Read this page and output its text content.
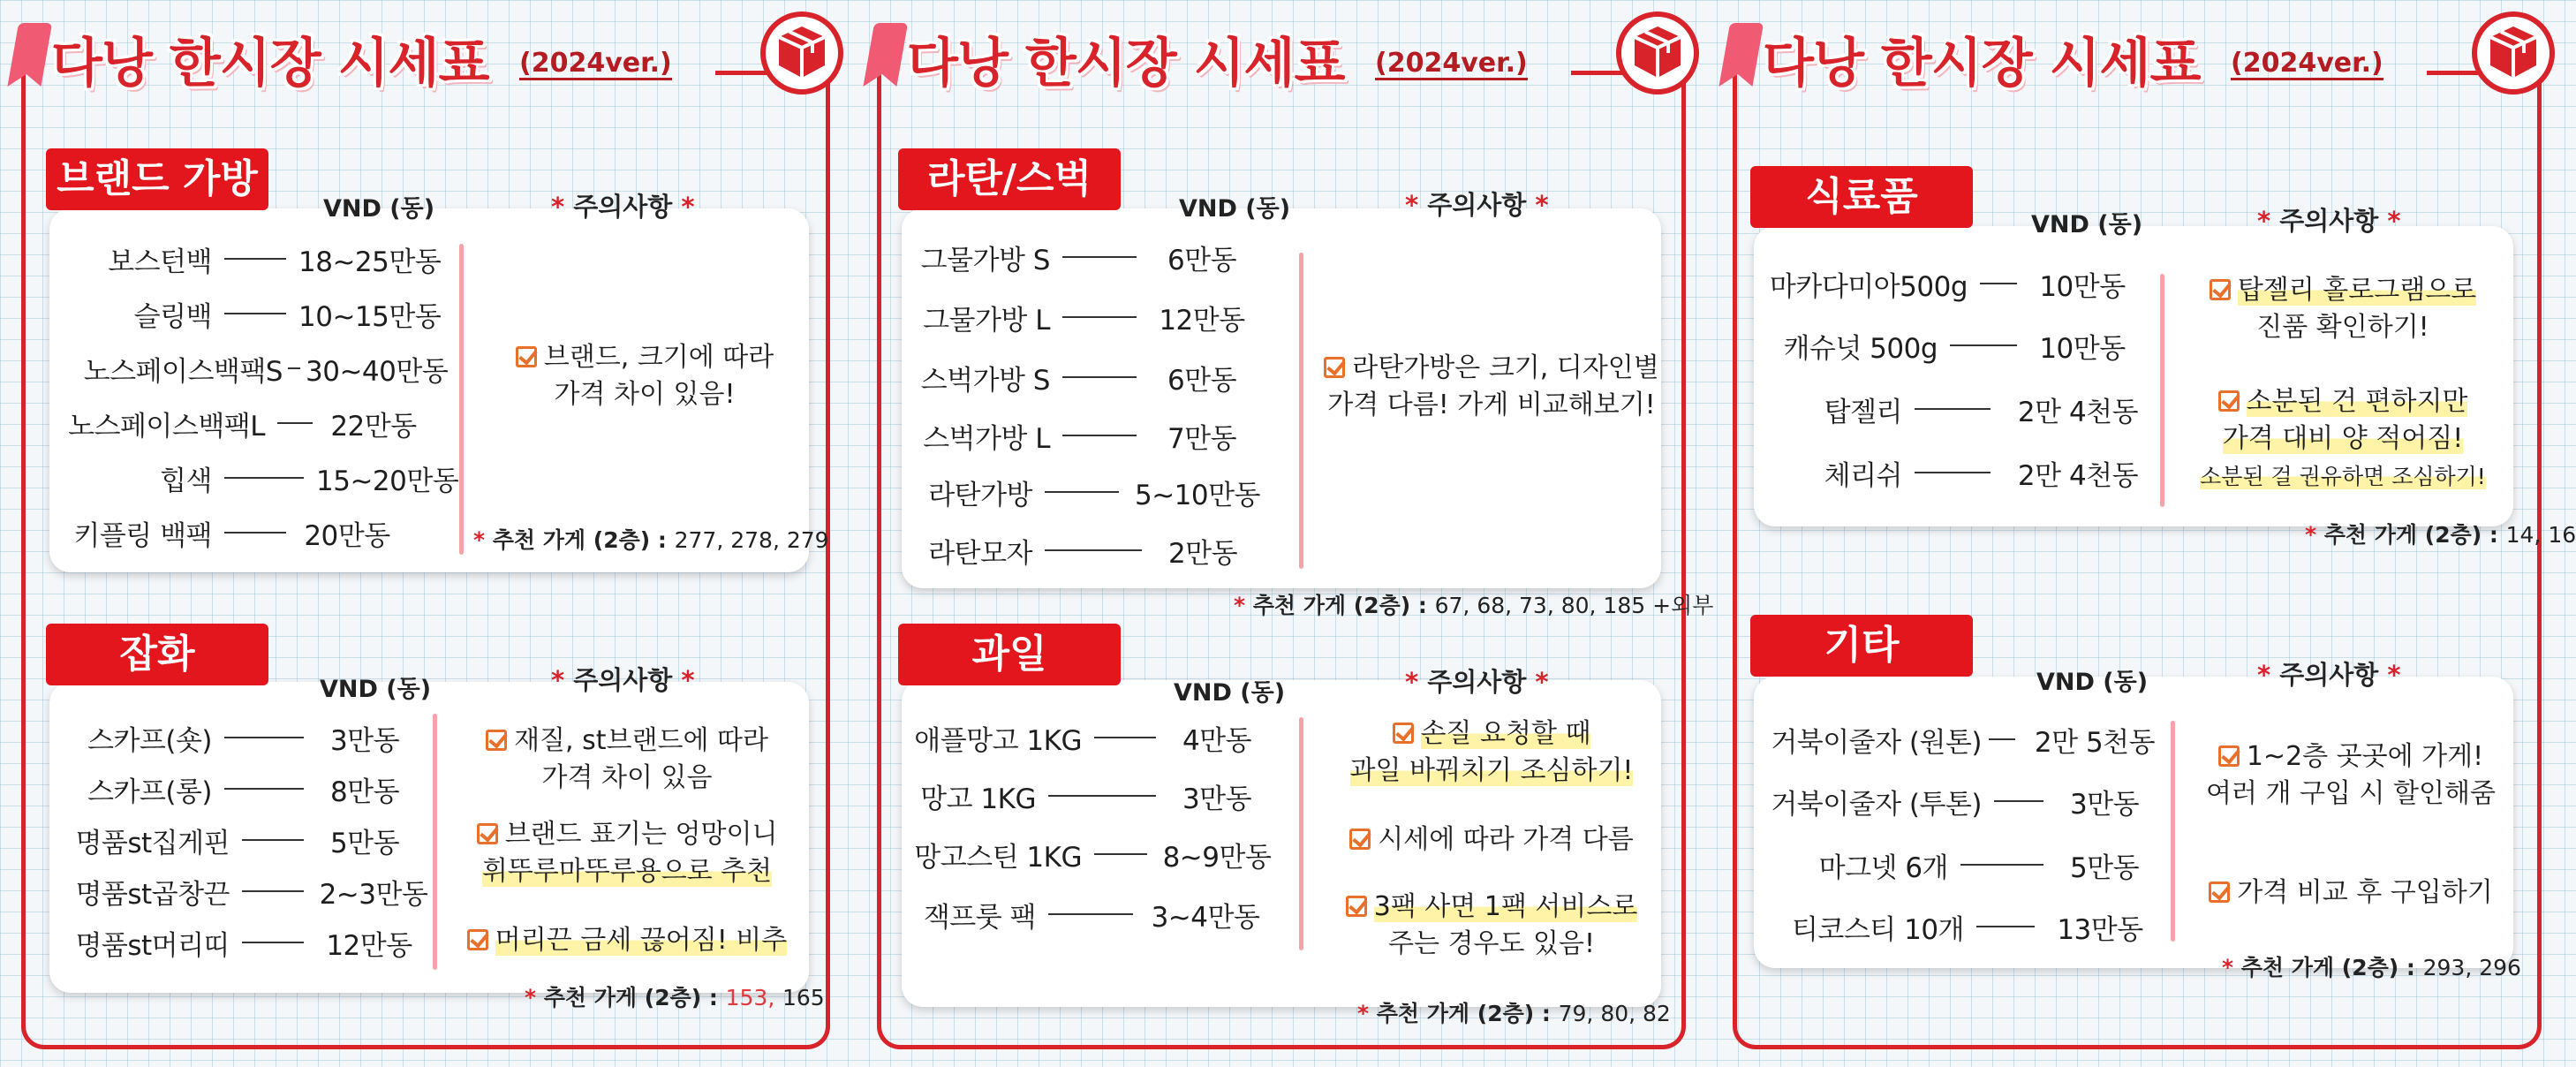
다낭 한시장 시세표 (2024ver.)
브랜드 가방
VND (동)	* 주의사항 *
보스턴백	18~25만동
슬링백	10~15만동
노스페이스백팩S 30~40만동
노스페이스백팩L 22만동
힙색	15~20만동
키플링 백팩	20만동
브랜드, 크기에 따라
가격 차이 있음!
* 추천 가게 (2층) : 277, 278, 279
잡화
VND (동)	* 주의사항 *
스카프(숏)	3만동
스카프(롱)	8만동
명품st집게핀	5만동
명품st곱창끈	2~3만동
명품st머리띠	12만동
재질, st브랜드에 따라
가격 차이 있음
브랜드 표기는 엉망이니
휘뚜루마뚜루용으로 추천
머리끈 금세 끊어짐! 비추
* 추천 가게 (2층) : 153, 165
다낭 한시장 시세표 (2024ver.)
라탄/스벅
VND (동)	* 주의사항 *
그물가방 S	6만동
그물가방 L	12만동
스벅가방 S	6만동
스벅가방 L	7만동
라탄가방	5~10만동
라탄모자	2만동
라탄가방은 크기, 디자인별
가격 다름! 가게 비교해보기!
* 추천 가게 (2층) : 67, 68, 73, 80, 185 +외부
과일
VND (동)	* 주의사항 *
애플망고 1KG	4만동
망고 1KG	3만동
망고스틴 1KG	8~9만동
잭프룻 팩	3~4만동
손질 요청할 때
과일 바꿔치기 조심하기!
시세에 따라 가격 다름
3팩 사면 1팩 서비스로
주는 경우도 있음!
* 추천 가게 (2층) : 79, 80, 82
다낭 한시장 시세표 (2024ver.)
식료품
VND (동)	* 주의사항 *
마카다미아500g	10만동
캐슈넛 500g	10만동
탑젤리	2만 4천동
체리쉬	2만 4천동
탑젤리 홀로그램으로
진품 확인하기!
소분된 건 편하지만
가격 대비 양 적어짐!
소분된 걸 권유하면 조심하기!
* 추천 가게 (2층) : 14, 16
기타
VND (동)	* 주의사항 *
거북이줄자 (원톤)	2만 5천동
거북이줄자 (투톤)	3만동
마그넷 6개	5만동
티코스티 10개	13만동
1~2층 곳곳에 가게!
여러 개 구입 시 할인해줌
가격 비교 후 구입하기
* 추천 가게 (2층) : 293, 296
